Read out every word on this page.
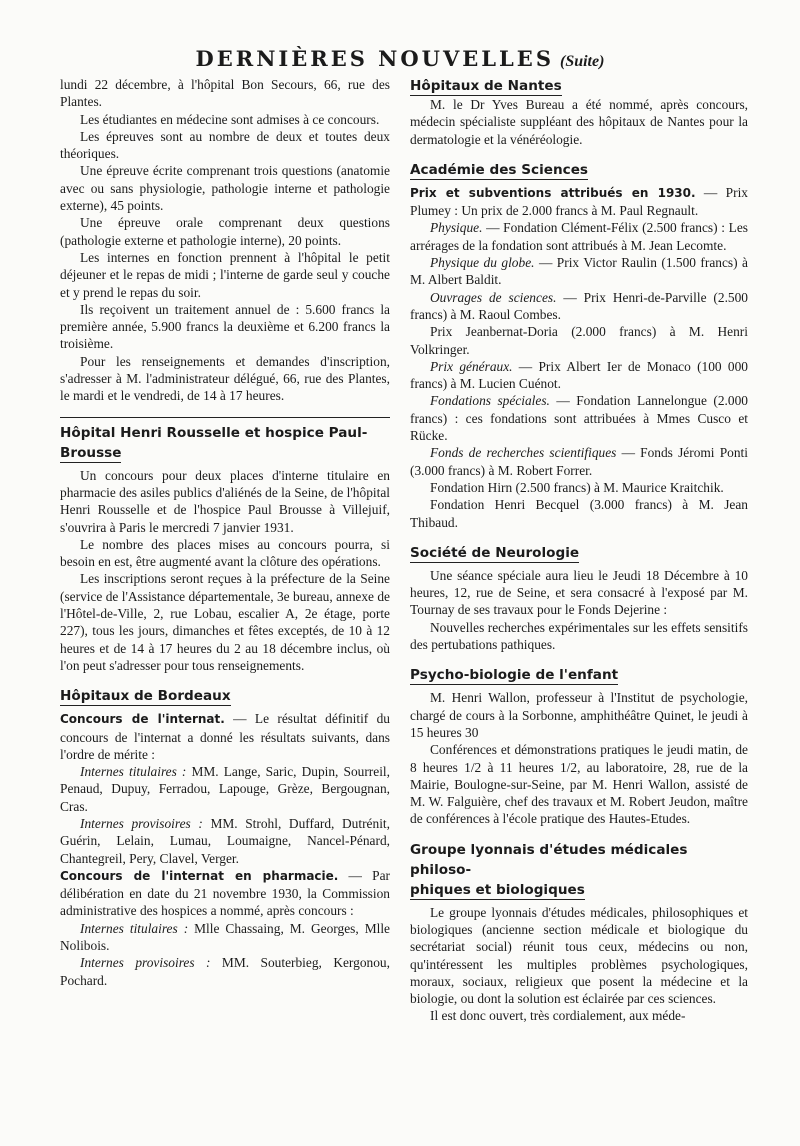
DERNIÈRES NOUVELLES (Suite)

lundi 22 décembre, à l'hôpital Bon Secours, 66, rue des Plantes.

Les étudiantes en médecine sont admises à ce concours.

Les épreuves sont au nombre de deux et toutes deux théoriques.

Une épreuve écrite comprenant trois questions (anatomie avec ou sans physiologie, pathologie interne et pathologie externe), 45 points.

Une épreuve orale comprenant deux questions (pathologie externe et pathologie interne), 20 points.

Les internes en fonction prennent à l'hôpital le petit déjeuner et le repas de midi ; l'interne de garde seul y couche et y prend le repas du soir.

Ils reçoivent un traitement annuel de : 5.600 francs la première année, 5.900 francs la deuxième et 6.200 francs la troisième.

Pour les renseignements et demandes d'inscription, s'adresser à M. l'administrateur délégué, 66, rue des Plantes, le mardi et le vendredi, de 14 à 17 heures.

Hôpital Henri Rousselle et hospice Paul-
Brousse

Un concours pour deux places d'interne titulaire en pharmacie des asiles publics d'aliénés de la Seine, de l'hôpital Henri Rousselle et de l'hospice Paul Brousse à Villejuif, s'ouvrira à Paris le mercredi 7 janvier 1931.

Le nombre des places mises au concours pourra, si besoin en est, être augmenté avant la clôture des opérations.

Les inscriptions seront reçues à la préfecture de la Seine (service de l'Assistance départementale, 3e bureau, annexe de l'Hôtel-de-Ville, 2, rue Lobau, escalier A, 2e étage, porte 227), tous les jours, dimanches et fêtes exceptés, de 10 à 12 heures et de 14 à 17 heures du 2 au 18 décembre inclus, où l'on peut s'adresser pour tous renseignements.

Hôpitaux de Bordeaux

Concours de l'internat. — Le résultat définitif du concours de l'internat a donné les résultats suivants, dans l'ordre de mérite :

Internes titulaires : MM. Lange, Saric, Dupin, Sourreil, Penaud, Dupuy, Ferradou, Lapouge, Grèze, Bergougnan, Cras.

Internes provisoires : MM. Strohl, Duffard, Dutrénit, Guérin, Lelain, Lumau, Loumaigne, Nancel-Pénard, Chantegreil, Pery, Clavel, Verger.

Concours de l'internat en pharmacie. — Par délibération en date du 21 novembre 1930, la Commission administrative des hospices a nommé, après concours :

Internes titulaires : Mlle Chassaing, M. Georges, Mlle Nolibois.

Internes provisoires : MM. Souterbieg, Kergonou, Pochard.

Hôpitaux de Nantes

M. le Dr Yves Bureau a été nommé, après concours, médecin spécialiste suppléant des hôpitaux de Nantes pour la dermatologie et la vénéréologie.

Académie des Sciences

Prix et subventions attribués en 1930. — Prix Plumey : Un prix de 2.000 francs à M. Paul Regnault.

Physique. — Fondation Clément-Félix (2.500 francs) : Les arrérages de la fondation sont attribués à M. Jean Lecomte.

Physique du globe. — Prix Victor Raulin (1.500 francs) à M. Albert Baldit.

Ouvrages de sciences. — Prix Henri-de-Parville (2.500 francs) à M. Raoul Combes.

Prix Jeanbernat-Doria (2.000 francs) à M. Henri Volkringer.

Prix généraux. — Prix Albert Ier de Monaco (100 000 francs) à M. Lucien Cuénot.

Fondations spéciales. — Fondation Lannelongue (2.000 francs) : ces fondations sont attribuées à Mmes Cusco et Rücke.

Fonds de recherches scientifiques — Fonds Jéromi Ponti (3.000 francs) à M. Robert Forrer.

Fondation Hirn (2.500 francs) à M. Maurice Kraitchik.

Fondation Henri Becquel (3.000 francs) à M. Jean Thibaud.

Société de Neurologie

Une séance spéciale aura lieu le Jeudi 18 Décembre à 10 heures, 12, rue de Seine, et sera consacré à l'exposé par M. Tournay de ses travaux pour le Fonds Dejerine :

Nouvelles recherches expérimentales sur les effets sensitifs des pertubations pathiques.

Psycho-biologie de l'enfant

M. Henri Wallon, professeur à l'Institut de psychologie, chargé de cours à la Sorbonne, amphithéâtre Quinet, le jeudi à 15 heures 30

Conférences et démonstrations pratiques le jeudi matin, de 8 heures 1/2 à 11 heures 1/2, au laboratoire, 28, rue de la Mairie, Boulogne-sur-Seine, par M. Henri Wallon, assisté de M. W. Falguière, chef des travaux et M. Robert Jeudon, maître de conférences à l'école pratique des Hautes-Etudes.

Groupe lyonnais d'études médicales philoso-
phiques et biologiques

Le groupe lyonnais d'études médicales, philosophiques et biologiques (ancienne section médicale et biologique du secrétariat social) réunit tous ceux, médecins ou non, qu'intéressent les multiples problèmes psychologiques, moraux, sociaux, religieux que posent la médecine et la biologie, ou dont la solution est éclairée par ces sciences.

Il est donc ouvert, très cordialement, aux méde-
